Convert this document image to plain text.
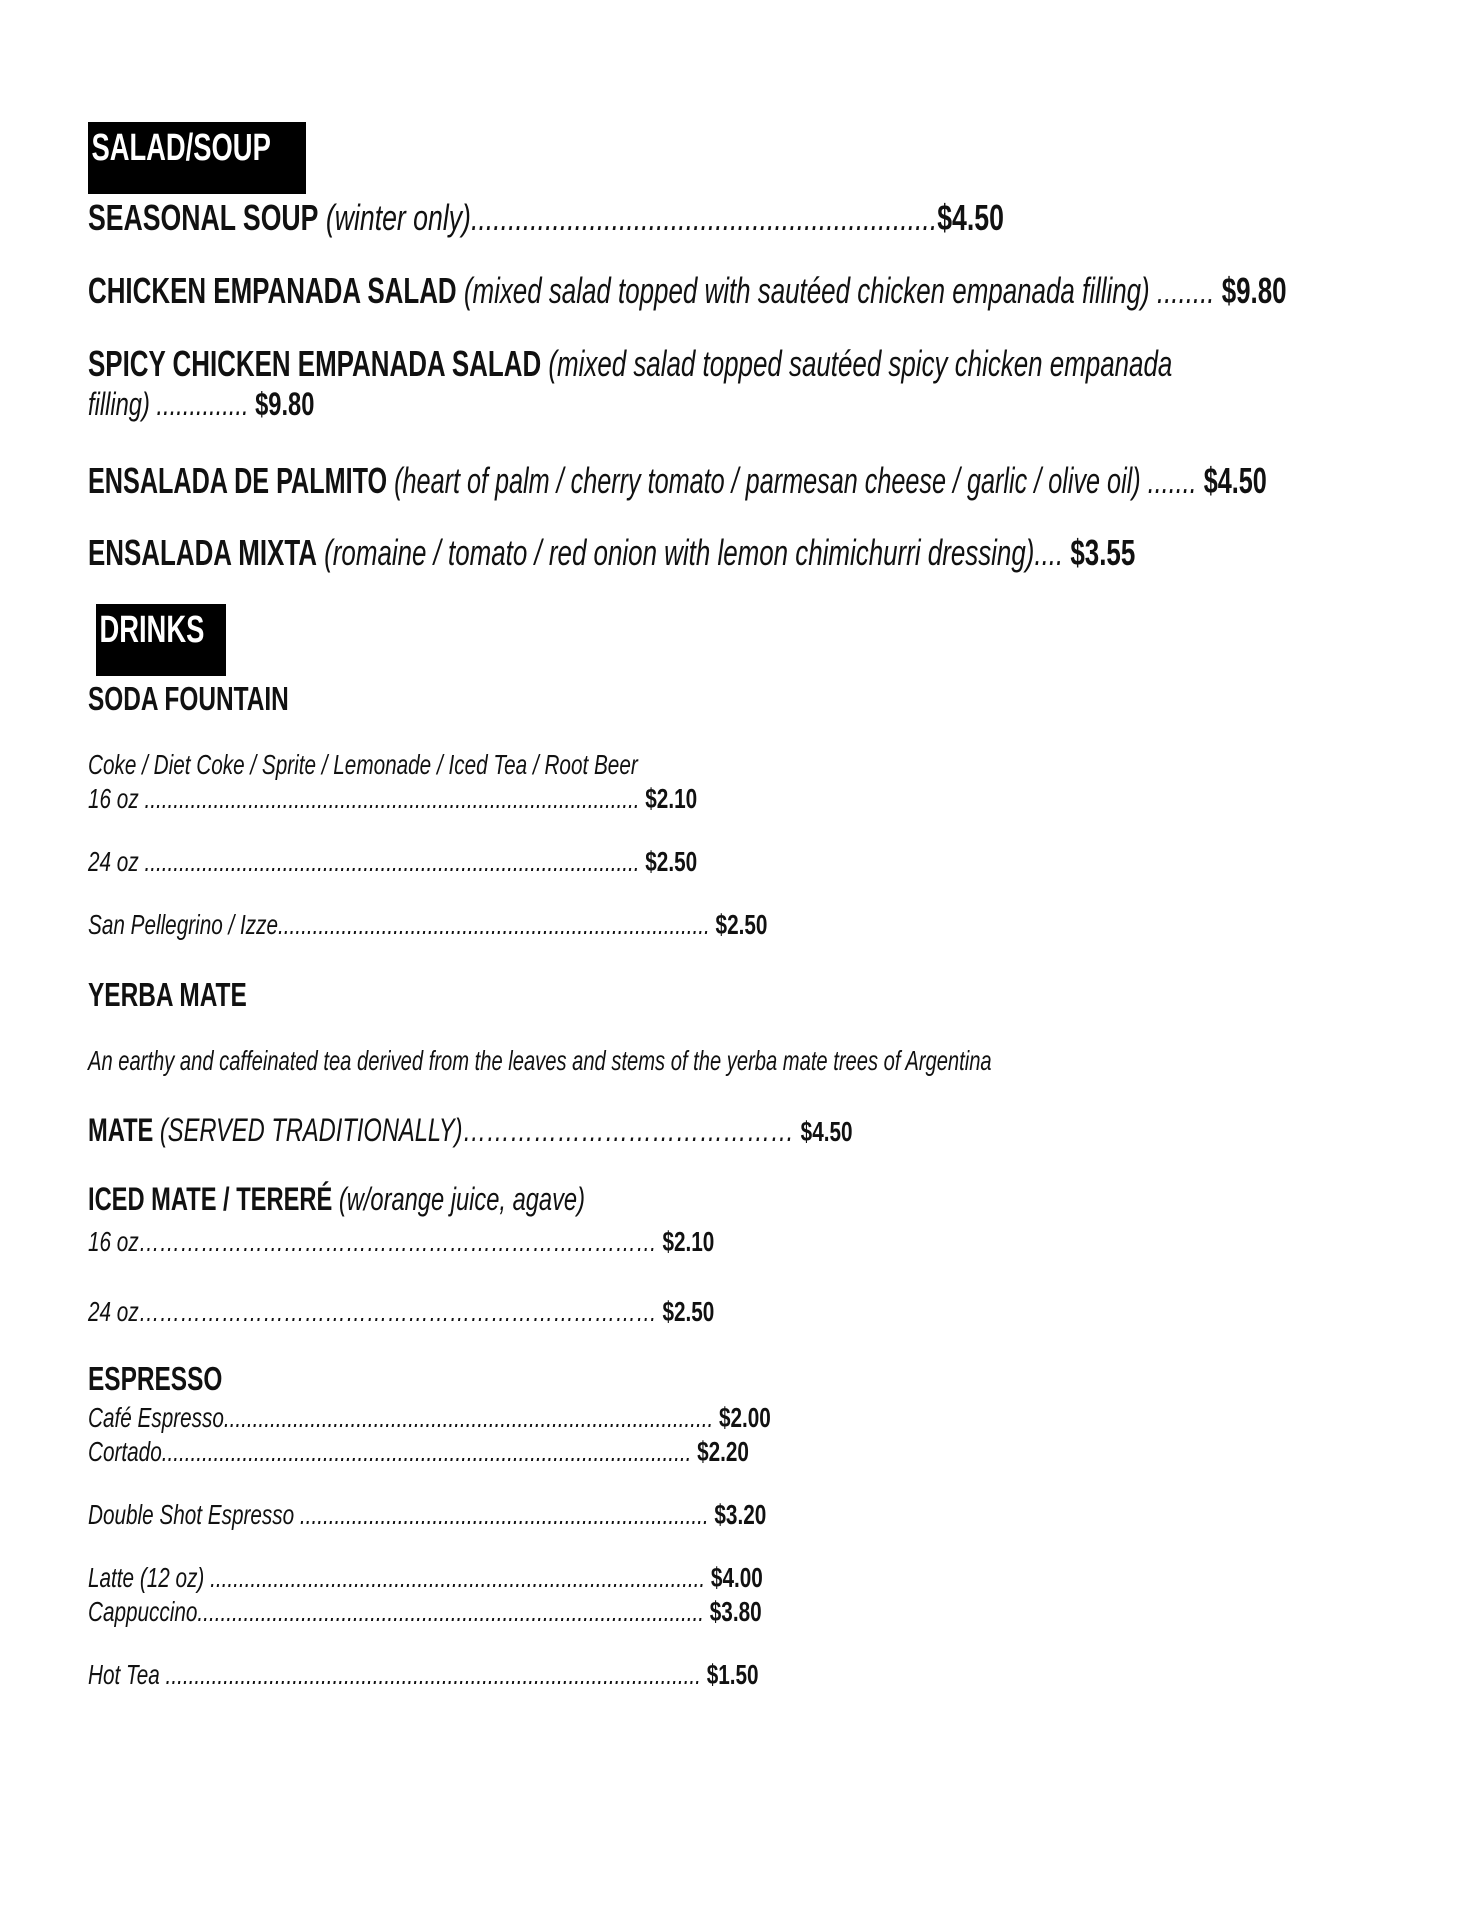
SALAD/SOUP
SEASONAL SOUP (winter only)...............................................................$4.50
CHICKEN EMPANADA SALAD (mixed salad topped with sautéed chicken empanada filling) ........ $9.80
SPICY CHICKEN EMPANADA SALAD (mixed salad topped sautéed spicy chicken empanada
filling) .............. $9.80
ENSALADA DE PALMITO (heart of palm / cherry tomato / parmesan cheese / garlic / olive oil) ....... $4.50
ENSALADA MIXTA (romaine / tomato / red onion with lemon chimichurri dressing).... $3.55
DRINKS
SODA FOUNTAIN
Coke / Diet Coke / Sprite / Lemonade / Iced Tea / Root Beer
16 oz ...................................................................................... $2.10
24 oz ...................................................................................... $2.50
San Pellegrino / Izze........................................................................... $2.50
YERBA MATE
An earthy and caffeinated tea derived from the leaves and stems of the yerba mate trees of Argentina
MATE (SERVED TRADITIONALLY)…………………………………… $4.50
ICED MATE / TERERÉ (w/orange juice, agave)
16 oz………………………………………………………………… $2.10
24 oz………………………………………………………………… $2.50
ESPRESSO
Café Espresso..................................................................................... $2.00
Cortado............................................................................................ $2.20
Double Shot Espresso ....................................................................... $3.20
Latte (12 oz) ...................................................................................... $4.00
Cappuccino........................................................................................ $3.80
Hot Tea ............................................................................................. $1.50
